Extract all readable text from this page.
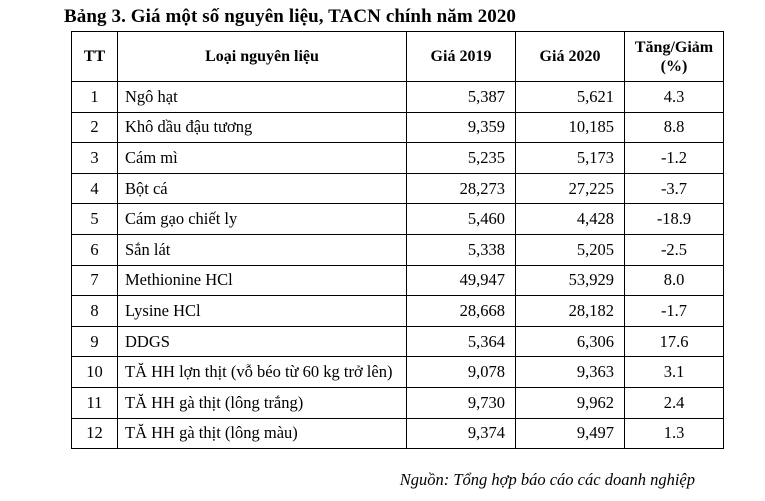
Bảng 3. Giá một số nguyên liệu, TACN chính năm 2020
TT	Loại nguyên liệu	Giá 2019	Giá 2020	Tăng/Giảm
(%)
1	Ngô hạt	5,387	5,621	4.3
2	Khô dầu đậu tương	9,359	10,185	8.8
3	Cám mì	5,235	5,173	-1.2
4	Bột cá	28,273	27,225	-3.7
5	Cám gạo chiết ly	5,460	4,428	-18.9
6	Sắn lát	5,338	5,205	-2.5
7	Methionine HCl	49,947	53,929	8.0
8	Lysine HCl	28,668	28,182	-1.7
9	DDGS	5,364	6,306	17.6
10	TĂ HH lợn thịt (vỗ béo từ 60 kg trở lên)	9,078	9,363	3.1
11	TĂ HH gà thịt (lông trắng)	9,730	9,962	2.4
12	TĂ HH gà thịt (lông màu)	9,374	9,497	1.3
Nguồn: Tổng hợp báo cáo các doanh nghiệp
